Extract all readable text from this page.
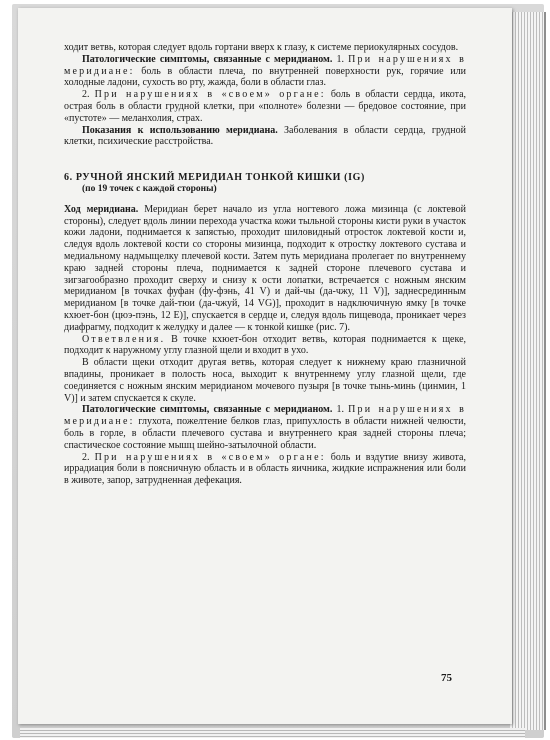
ходит ветвь, которая следует вдоль гортани вверх к глазу, к системе периокулярных сосудов.

Патологические симптомы, связанные с меридианом. 1. При нарушениях в меридиане: боль в области плеча, по внутренней поверхности рук, горячие или холодные ладони, сухость во рту, жажда, боли в области глаз.

2. При нарушениях в «своем» органе: боль в области сердца, икота, острая боль в области грудной клетки, при «полноте» болезни — бредовое состояние, при «пустоте» — меланхолия, страх.

Показания к использованию меридиана. Заболевания в области сердца, грудной клетки, психические расстройства.

6. РУЧНОЙ ЯНСКИЙ МЕРИДИАН ТОНКОЙ КИШКИ (IG)
(по 19 точек с каждой стороны)

Ход меридиана. Меридиан берет начало из угла ногтевого ложа мизинца (с локтевой стороны), следует вдоль линии перехода участка кожи тыльной стороны кисти руки в участок кожи ладони, поднимается к запястью, проходит шиловидный отросток локтевой кости и, следуя вдоль локтевой кости со стороны мизинца, подходит к отростку локтевого сустава и медиальному надмыщелку плечевой кости. Затем путь меридиана пролегает по внутреннему краю задней стороны плеча, поднимается к задней стороне плечевого сустава и зигзагообразно проходит сверху и снизу к ости лопатки, встречается с ножным янским меридианом [в точках фуфан (фу-фэнь, 41 V) и дай-чы (да-чжу, 11 V)], заднесрединным меридианом [в точке дай-тюи (да-чжуй, 14 VG)], проходит в надключичную ямку [в точке кхюет-бон (цюэ-пэнь, 12 E)], спускается в сердце и, следуя вдоль пищевода, проникает через диафрагму, подходит к желудку и далее — к тонкой кишке (рис. 7).

Ответвления. В точке кхюет-бон отходит ветвь, которая поднимается к щеке, подходит к наружному углу глазной щели и входит в ухо.

В области щеки отходит другая ветвь, которая следует к нижнему краю глазничной впадины, проникает в полость носа, выходит к внутреннему углу глазной щели, где соединяется с ножным янским меридианом мочевого пузыря [в точке тынь-минь (цинмин, 1 V)] и затем спускается к скуле.

Патологические симптомы, связанные с меридианом. 1. При нарушениях в меридиане: глухота, пожелтение белков глаз, припухлость в области нижней челюсти, боль в горле, в области плечевого сустава и внутреннего края задней стороны плеча; спастическое состояние мышц шейно-затылочной области.

2. При нарушениях в «своем» органе: боль и вздутие внизу живота, иррадиация боли в поясничную область и в область яичника, жидкие испражнения или боли в животе, запор, затрудненная дефекация.

75
